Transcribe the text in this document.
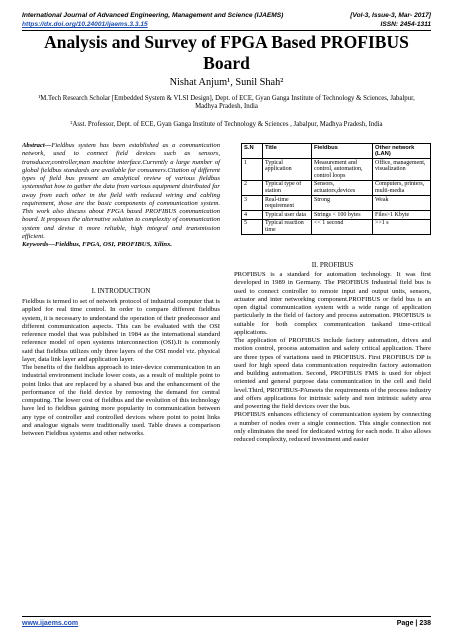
International Journal of Advanced Engineering, Management and Science (IJAEMS)	[Vol-3, Issue-3, Mar- 2017]
https://dx.doi.org/10.24001/ijaems.3.3.15	ISSN: 2454-1311
Analysis and Survey of FPGA Based PROFIBUS Board
Nishat Anjum¹, Sunil Shah²
¹M.Tech Research Scholar [Embedded System & VLSI Design], Dept. of ECE, Gyan Ganga Institute of Technology & Sciences, Jabalpur, Madhya Pradesh, India
²Asst. Professor, Dept. of ECE, Gyan Ganga Institute of Technology & Sciences , Jabalpur, Madhya Pradesh, India

Abstract—Fieldbus system has been established as a communication network, used to connect field devices such as sensors, transducer,controller,man machine interface.Currently a large number of global fieldbus standards are available for consumers.Citation of different types of field bus present an analytical review of various fieldbus systemsthat how to gather the data from various equipment distributed far away from each other in the field with reduced wiring and cabling requirement, those are the basic components of communication system. This work also discuss about FPGA based PROFIBUS communication board. It proposes the alternative solution to complexity of communication system and devise it more reliable, high integral and transmission efficient.

Keywords—Fieldbus, FPGA, OSI, PROFIBUS, Xilinx.

I. INTRODUCTION

Fieldbus is termed to set of network protocol of industrial computer that is applied for real time control. In order to compare different fieldbus system, it is necessary to understand the operation of their predecessor and different communication aspects. This can be evaluated with the OSI reference model that was published in 1984 as the international standard reference model of open systems interconnection (OSI).It is commonly said that fieldbus utilizes only three layers of the OSI model viz. physical layer, data link layer and application layer.

The benefits of the fieldbus approach to inter-device communication in an industrial environment include lower costs, as a result of multiple point to point links that are replaced by a shared bus and the enhancement of the performance of the field device by removing the demand for central computing. The lower cost of fieldbus and the evolution of this technology have led to fieldbus gaining more popularity in communication between any type of controller and controlled devices where point to point links and analogue signals were traditionally used. Table draws a comparison between Fieldbus systems and other networks.

S.N	Title	Fieldbus	Other network (LAN)
1	Typical application	Measurement and control, automation, control loops	Office, management, visualization
2	Typical type of station	Sensors, actuators,devices	Computers, printers, multi-media
3	Real-time requirement	Strong	Weak
4	Typical user data	Strings < 100 bytes	Files>1 Kbyte
5	Typical reaction time	<< 1 second	>>1 s
II. PROFIBUS

PROFIBUS is a standard for automation technology. It was first developed in 1989 in Germany. The PROFIBUS Industrial field bus is used to connect controller to remote input and output units, sensors, actuator and inter networking component.PROFIBUS or field bus is an open digital communication system with a wide range of application particularly in the field of factory and process automation. PROFIBUS is suitable for both complex communication taskand time-critical applications.

The application of PROFIBUS include factory automation, drives and motion control, process automation and safety critical application. There are three types of variations used in PROFIBUS. First PROFIBUS DP is used for high speed data communication requiredin factory automation and building automation. Second, PROFIBUS FMS is used for object oriented and general purpose data communication in the cell and field level.Third, PROFIBUS-PAmeets the requirements of the process industry and offers applications for intrinsic safety and non intrinsic safety area and powering the field devices over the bus.

PROFIBUS enhances efficiency of communication system by connecting a number of nodes over a single connection. This single connection not only eliminates the need for dedicated wiring for each node. It also allows reduced complexity, reduced investment and easier

www.ijaems.com	Page | 238
